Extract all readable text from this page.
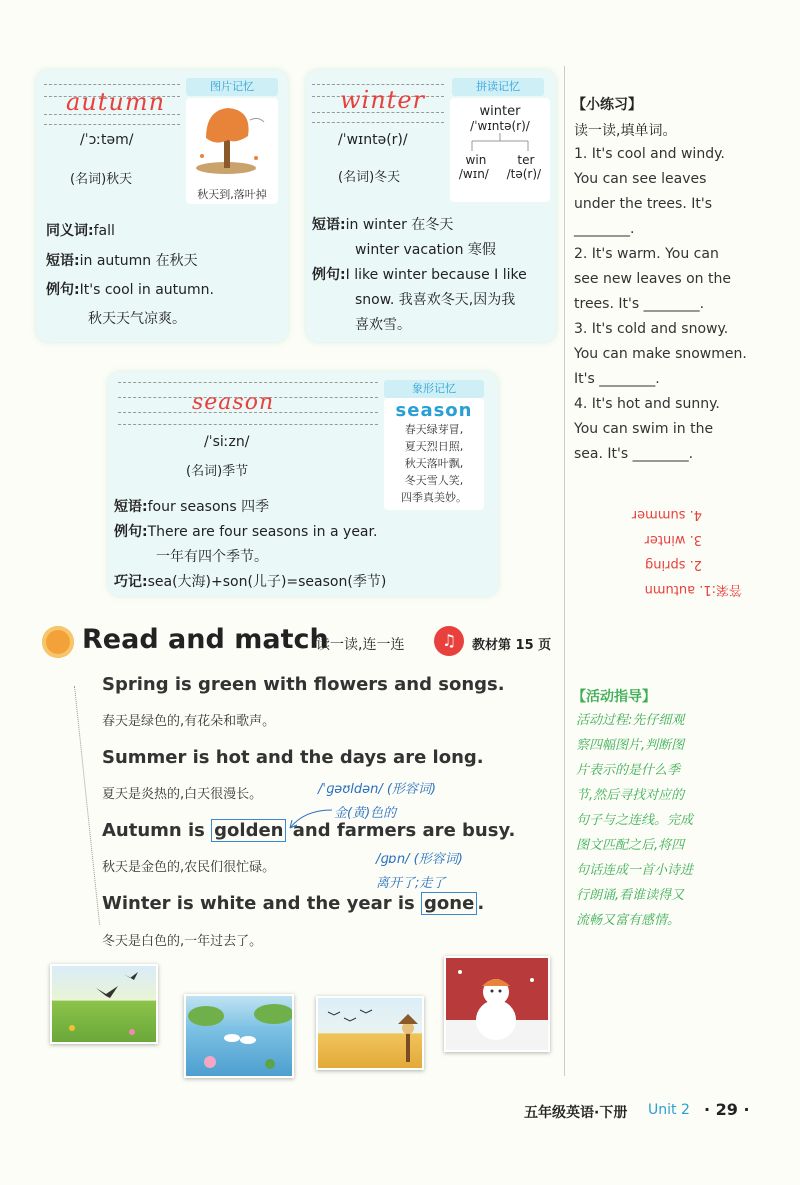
autumn
图片记忆
秋天到,落叶掉
/ˈɔːtəm/
(名词)秋天
同义词:fall
短语:in autumn 在秋天
例句:It's cool in autumn.
秋天天气凉爽。
winter	拼读记忆
/ˈwɪntə(r)/
(名词)冬天
winter
/ˈwɪntə(r)/
win	ter
/wɪn/ /tə(r)/
短语:in winter 在冬天
winter vacation 寒假
例句:I like winter because I like
snow. 我喜欢冬天,因为我
喜欢雪。
season
象形记忆
season
春天绿芽冒,
夏天烈日照,
秋天落叶飘,
冬天雪人笑,
四季真美妙。
/ˈsiːzn/
(名词)季节
短语:four seasons 四季
例句:There are four seasons in a year.
一年有四个季节。
巧记:sea(大海)+son(儿子)=season(季节)
Read and match
读一读,连一连	♫	教材第 15 页
Spring is green with flowers and songs.
春天是绿色的,有花朵和歌声。
Summer is hot and the days are long.
夏天是炎热的,白天很漫长。
Autumn is golden and farmers are busy.
秋天是金色的,农民们很忙碌。
Winter is white and the year is gone .
冬天是白色的,一年过去了。
/ˈɡəʊldən/ (形容词)
金(黄)色的
/ɡɒn/ (形容词)
离开了;走了
【小练习】
读一读,填单词。
1. It's cool and windy.
You can see leaves
under the trees. It's
________.
2. It's warm. You can
see new leaves on the
trees. It's ________.
3. It's cold and snowy.
You can make snowmen.
It's ________.
4. It's hot and sunny.
You can swim in the
sea. It's ________.
答案:1. autumn
2. spring
3. winter
4. summer
【活动指导】
活动过程:先仔细观
察四幅图片,判断图
片表示的是什么季
节,然后寻找对应的
句子与之连线。完成
图文匹配之后,将四
句话连成一首小诗进
行朗诵,看谁读得又
流畅又富有感情。
五年级英语·下册 Unit 2 · 29 ·
